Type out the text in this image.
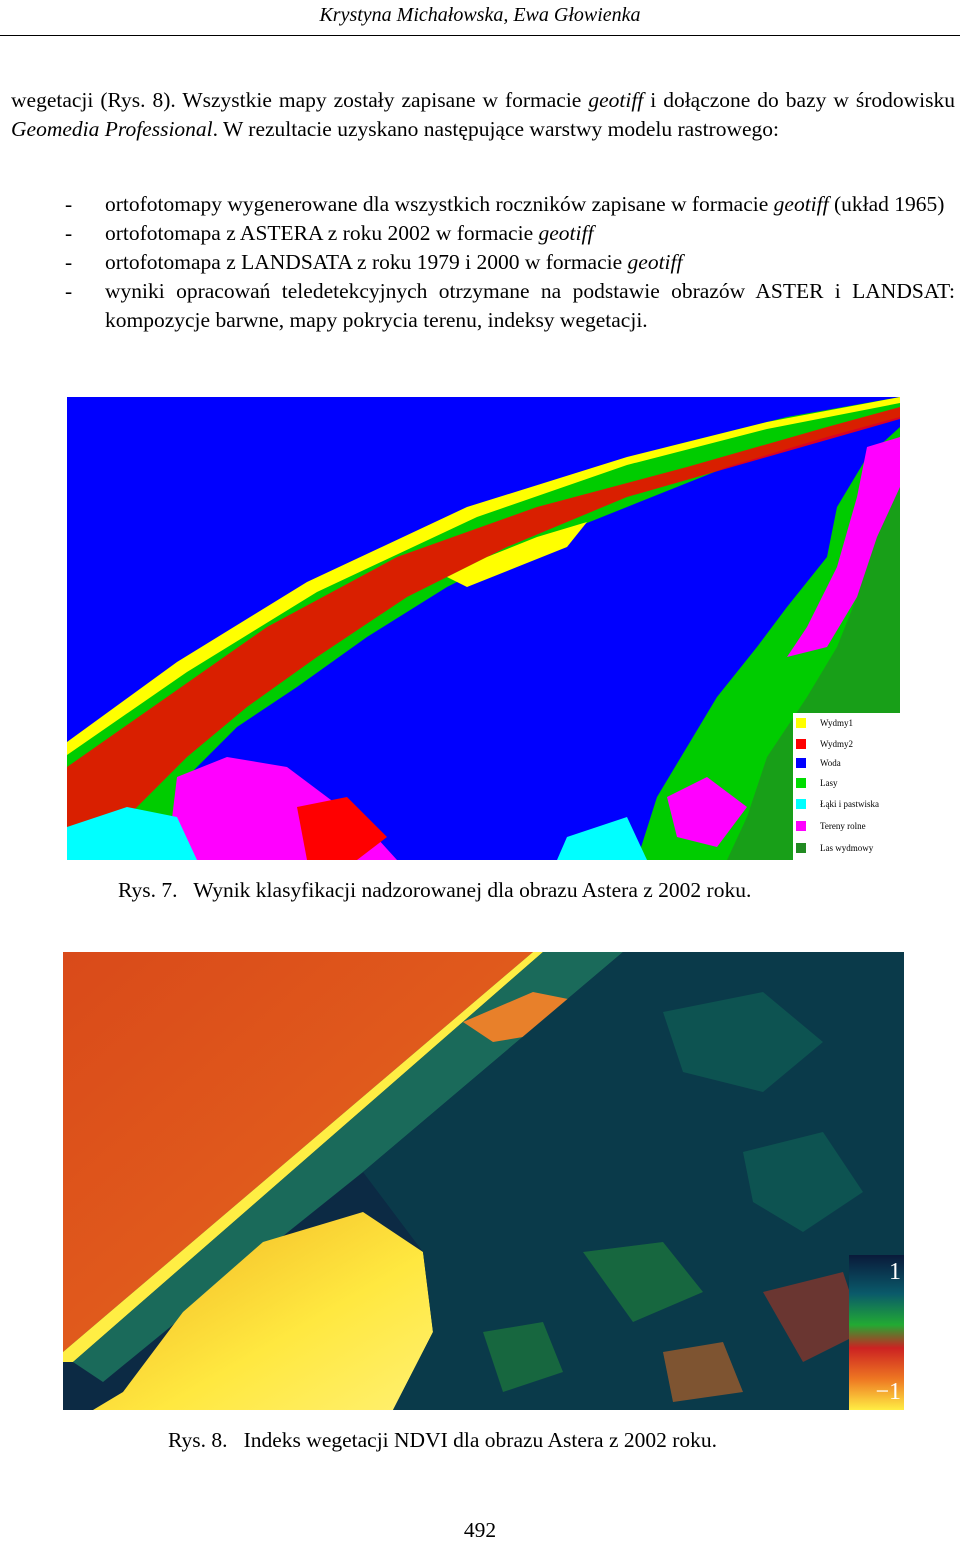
Krystyna Michałowska, Ewa Głowienka

wegetacji (Rys. 8). Wszystkie mapy zostały zapisane w formacie geotiff i dołączone do bazy w środowisku Geomedia Professional. W rezultacie uzyskano następujące warstwy modelu rastrowego:

- ortofotomapy wygenerowane dla wszystkich roczników zapisane w formacie geotiff (układ 1965)
- ortofotomapa z ASTERA z roku 2002 w formacie geotiff
- ortofotomapa z LANDSATA z roku 1979 i 2000 w formacie geotiff
- wyniki opracowań teledetekcyjnych otrzymane na podstawie obrazów ASTER i LANDSAT: kompozycje barwne, mapy pokrycia terenu, indeksy wegetacji.
Wydmy1
Wydmy2
Woda
Lasy
Łąki i pastwiska
Tereny rolne
Las wydmowy
Rys. 7.   Wynik klasyfikacji nadzorowanej dla obrazu Astera z 2002 roku.
1
−1
Rys. 8.   Indeks wegetacji NDVI dla obrazu Astera z 2002 roku.
492
